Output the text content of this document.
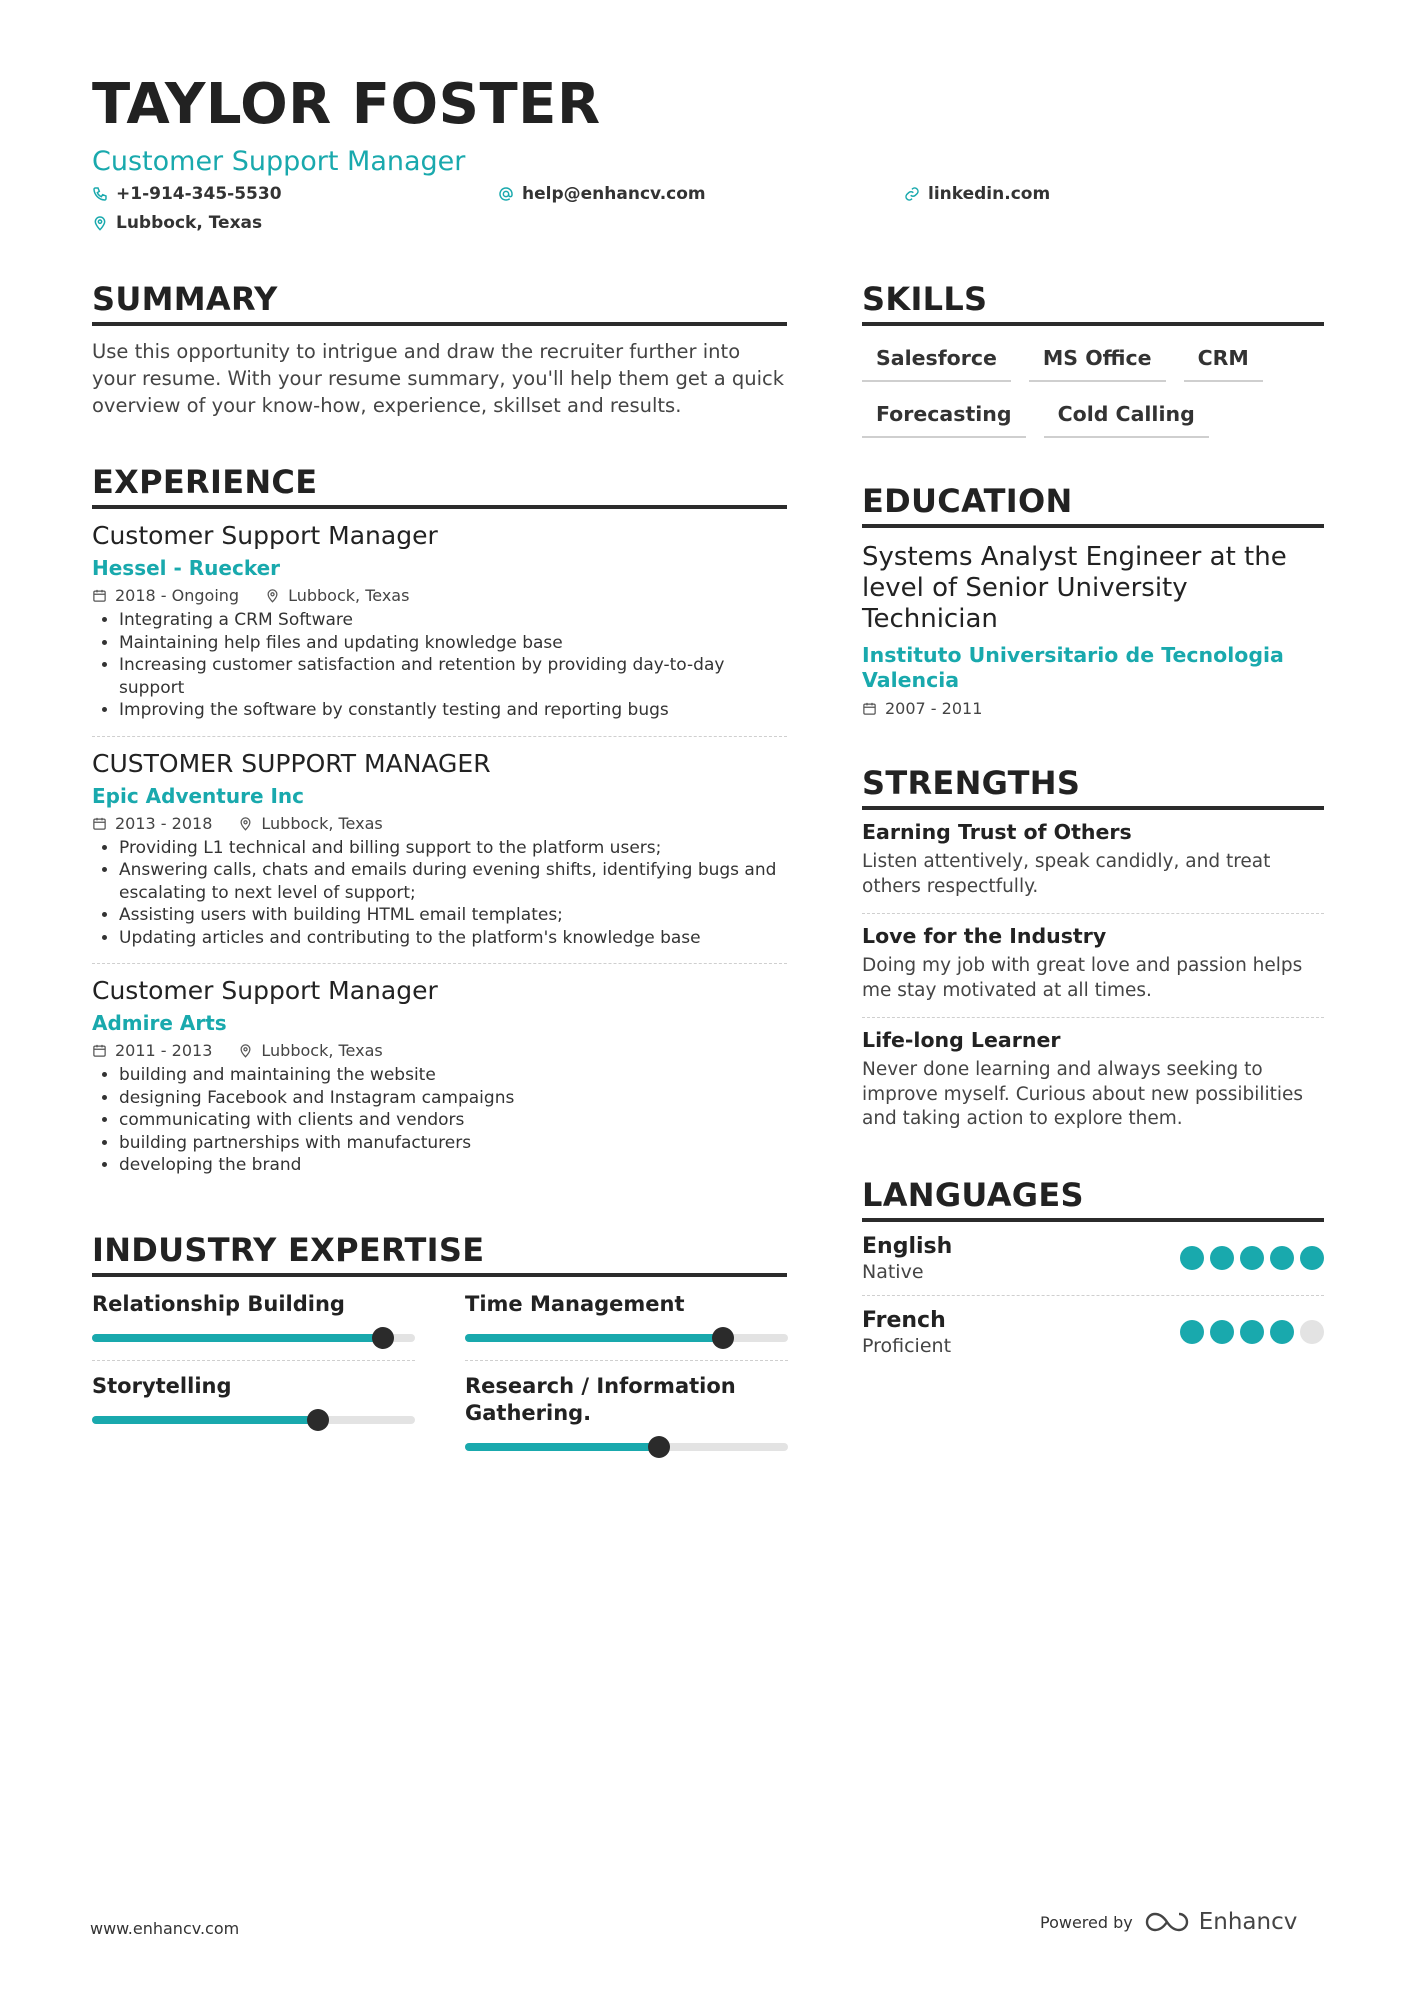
TAYLOR FOSTER
Customer Support Manager
+1-914-345-5530	help@enhancv.com	linkedin.com
Lubbock, Texas
SUMMARY
Use this opportunity to intrigue and draw the recruiter further into your resume. With your resume summary, you'll help them get a quick overview of your know-how, experience, skillset and results.
EXPERIENCE
Customer Support Manager
Hessel - Ruecker
2018 - Ongoing	Lubbock, Texas
• Integrating a CRM Software
• Maintaining help files and updating knowledge base
• Increasing customer satisfaction and retention by providing day-to-day support
• Improving the software by constantly testing and reporting bugs
CUSTOMER SUPPORT MANAGER
Epic Adventure Inc
2013 - 2018	Lubbock, Texas
• Providing L1 technical and billing support to the platform users;
• Answering calls, chats and emails during evening shifts, identifying bugs and escalating to next level of support;
• Assisting users with building HTML email templates;
• Updating articles and contributing to the platform's knowledge base
Customer Support Manager
Admire Arts
2011 - 2013	Lubbock, Texas
• building and maintaining the website
• designing Facebook and Instagram campaigns
• communicating with clients and vendors
• building partnerships with manufacturers
• developing the brand
INDUSTRY EXPERTISE
Relationship Building	Time Management
Storytelling	Research / Information Gathering.
SKILLS
Salesforce	MS Office	CRM
Forecasting	Cold Calling
EDUCATION
Systems Analyst Engineer at the level of Senior University Technician
Instituto Universitario de Tecnologia Valencia
2007 - 2011
STRENGTHS
Earning Trust of Others
Listen attentively, speak candidly, and treat others respectfully.
Love for the Industry
Doing my job with great love and passion helps me stay motivated at all times.
Life-long Learner
Never done learning and always seeking to improve myself. Curious about new possibilities and taking action to explore them.
LANGUAGES
English
Native
French
Proficient
www.enhancv.com	Powered by	Enhancv
